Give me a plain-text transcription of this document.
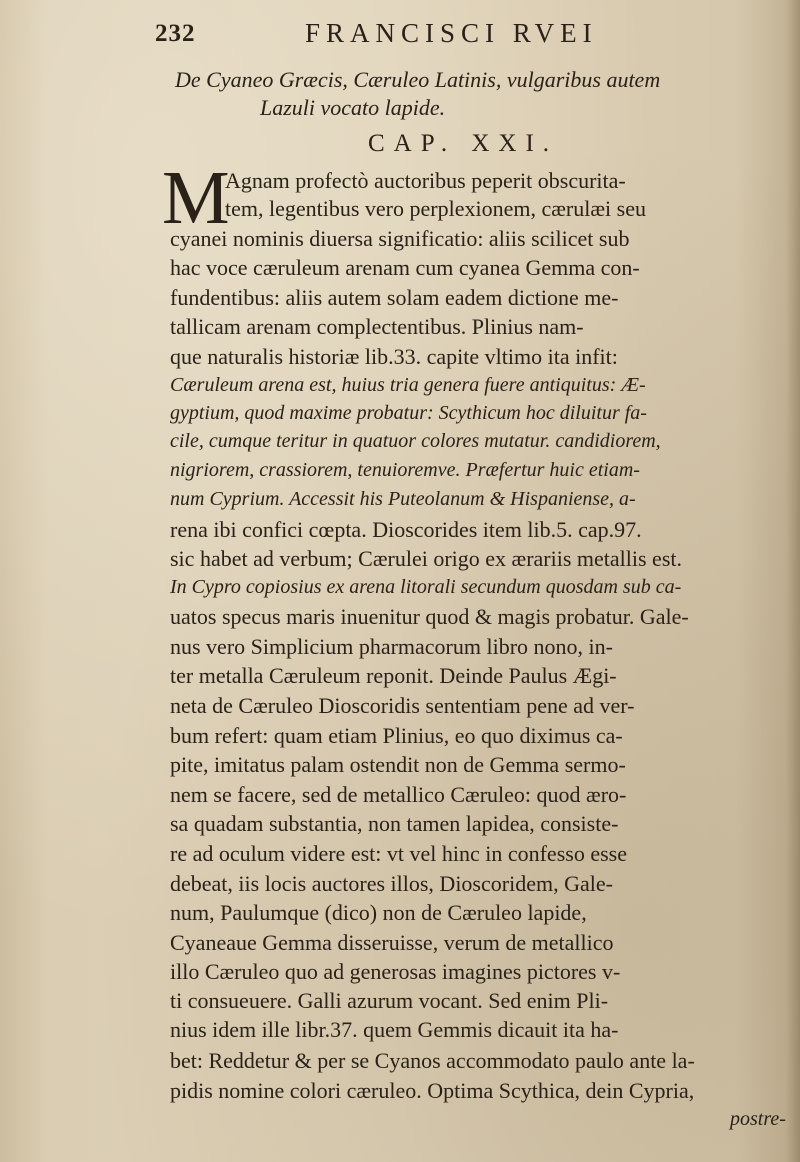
232	FRANCISCI RVEI
De Cyaneo Græcis, Cæruleo Latinis, vulgaribus autem
Lazuli vocato lapide.
CAP. XXI.
M
Agnam profectò auctoribus peperit obscurita-
tem, legentibus vero perplexionem, cærulæi seu
cyanei nominis diuersa significatio: aliis scilicet sub
hac voce cæruleum arenam cum cyanea Gemma con-
fundentibus: aliis autem solam eadem dictione me-
tallicam arenam complectentibus. Plinius nam-
que naturalis historiæ lib.33. capite vltimo ita infit:
Cæruleum arena est, huius tria genera fuere antiquitus: Æ-
gyptium, quod maxime probatur: Scythicum hoc diluitur fa-
cile, cumque teritur in quatuor colores mutatur. candidiorem,
nigriorem, crassiorem, tenuioremve. Præfertur huic etiam-
num Cyprium. Accessit his Puteolanum & Hispaniense, a-
rena ibi confici cœpta. Dioscorides item lib.5. cap.97.
sic habet ad verbum; Cærulei origo ex ærariis metallis est.
In Cypro copiosius ex arena litorali secundum quosdam sub ca-
uatos specus maris inuenitur quod & magis probatur. Gale-
nus vero Simplicium pharmacorum libro nono, in-
ter metalla Cæruleum reponit. Deinde Paulus Ægi-
neta de Cæruleo Dioscoridis sententiam pene ad ver-
bum refert: quam etiam Plinius, eo quo diximus ca-
pite, imitatus palam ostendit non de Gemma sermo-
nem se facere, sed de metallico Cæruleo: quod æro-
sa quadam substantia, non tamen lapidea, consiste-
re ad oculum videre est: vt vel hinc in confesso esse
debeat, iis locis auctores illos, Dioscoridem, Gale-
num, Paulumque (dico) non de Cæruleo lapide,
Cyaneaue Gemma disseruisse, verum de metallico
illo Cæruleo quo ad generosas imagines pictores v-
ti consueuere. Galli azurum vocant. Sed enim Pli-
nius idem ille libr.37. quem Gemmis dicauit ita ha-
bet: Reddetur & per se Cyanos accommodato paulo ante la-
pidis nomine colori cæruleo. Optima Scythica, dein Cypria,
postre-
